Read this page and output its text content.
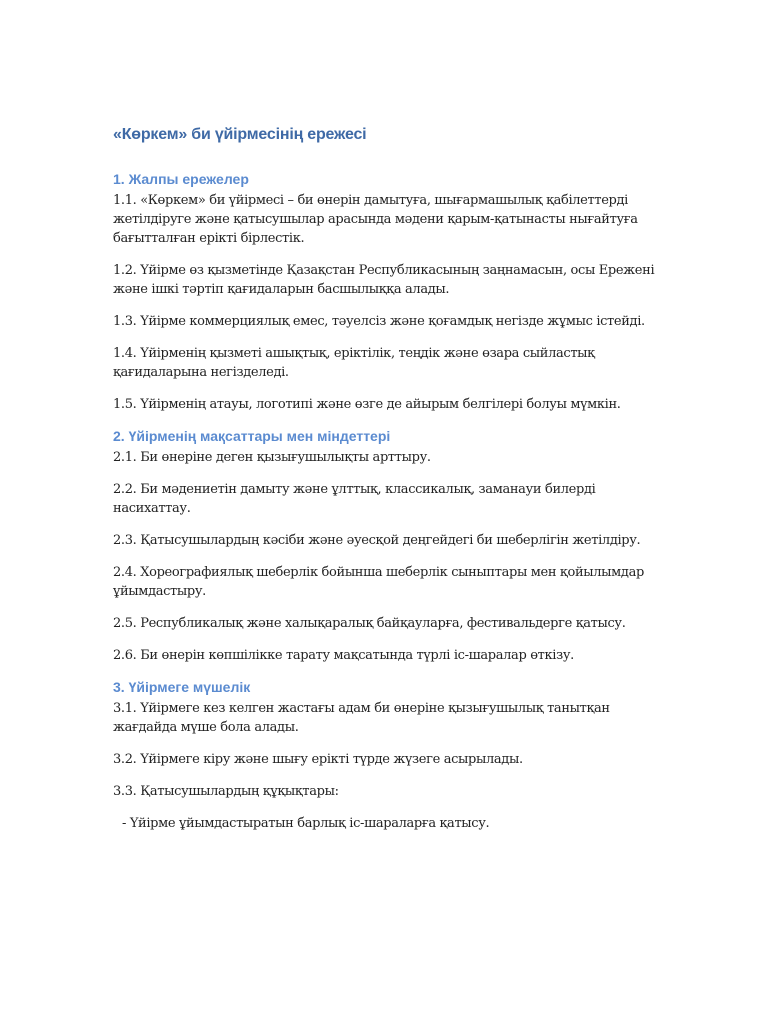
«Көркем» би үйірмесінің ережесі
1. Жалпы ережелер

1.1. «Көркем» би үйірмесі – би өнерін дамытуға, шығармашылық қабілеттерді жетілдіруге және қатысушылар арасында мәдени қарым-қатынасты нығайтуға бағытталған ерікті бірлестік.

1.2. Үйірме өз қызметінде Қазақстан Республикасының заңнамасын, осы Ережені және ішкі тәртіп қағидаларын басшылыққа алады.

1.3. Үйірме коммерциялық емес, тәуелсіз және қоғамдық негізде жұмыс істейді.

1.4. Үйірменің қызметі ашықтық, еріктілік, теңдік және өзара сыйластық қағидаларына негізделеді.

1.5. Үйірменің атауы, логотипі және өзге де айырым белгілері болуы мүмкін.

2. Үйірменің мақсаттары мен міндеттері

2.1. Би өнеріне деген қызығушылықты арттыру.

2.2. Би мәдениетін дамыту және ұлттық, классикалық, заманауи билерді насихаттау.

2.3. Қатысушылардың кәсіби және әуесқой деңгейдегі би шеберлігін жетілдіру.

2.4. Хореографиялық шеберлік бойынша шеберлік сыныптары мен қойылымдар ұйымдастыру.

2.5. Республикалық және халықаралық байқауларға, фестивальдерге қатысу.

2.6. Би өнерін көпшілікке тарату мақсатында түрлі іс-шаралар өткізу.

3. Үйірмеге мүшелік

3.1. Үйірмеге кез келген жастағы адам би өнеріне қызығушылық танытқан жағдайда мүше бола алады.

3.2. Үйірмеге кіру және шығу ерікті түрде жүзеге асырылады.

3.3. Қатысушылардың құқықтары:

- Үйірме ұйымдастыратын барлық іс-шараларға қатысу.
